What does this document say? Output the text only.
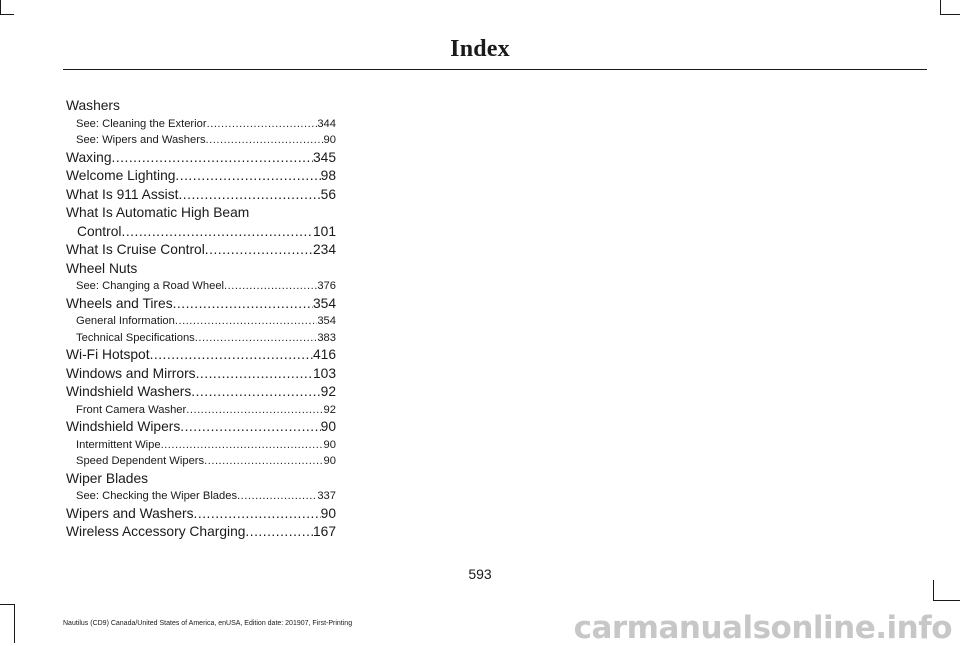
Index
Washers
See: Cleaning the Exterior .....	344
See: Wipers and Washers .....	90
Waxing .....	345
Welcome Lighting .....	98
What Is 911 Assist .....	56
What Is Automatic High Beam
Control .....	101
What Is Cruise Control .....	234
Wheel Nuts
See: Changing a Road Wheel .....	376
Wheels and Tires .....	354
General Information .....	354
Technical Specifications .....	383
Wi-Fi Hotspot .....	416
Windows and Mirrors .....	103
Windshield Washers .....	92
Front Camera Washer .....	92
Windshield Wipers .....	90
Intermittent Wipe .....	90
Speed Dependent Wipers .....	90
Wiper Blades
See: Checking the Wiper Blades .....	337
Wipers and Washers .....	90
Wireless Accessory Charging .....	167
593
Nautilus (CD9) Canada/United States of America, enUSA, Edition date: 201907, First-Printing	carmanualsonline.info
